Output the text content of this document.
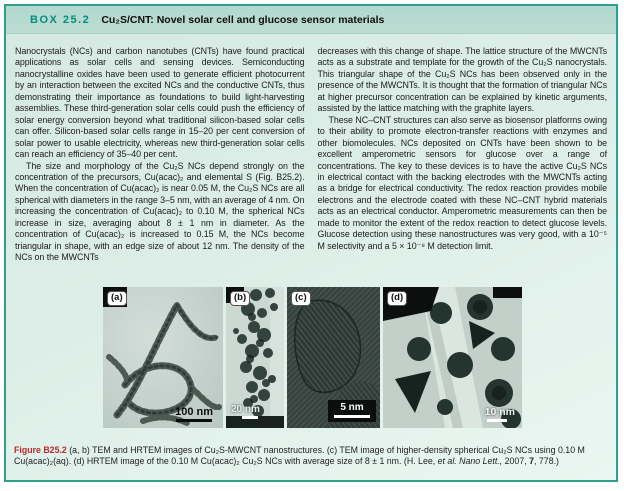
BOX 25.2 Cu₂S/CNT: Novel solar cell and glucose sensor materials

Nanocrystals (NCs) and carbon nanotubes (CNTs) have found practical applications as solar cells and sensing devices. Semiconducting nanocrystalline oxides have been used to generate efficient photocurrent by an interaction between the excited NCs and the conductive CNTs, thus demonstrating their importance as foundations to build light-harvesting assemblies. These third-generation solar cells could push the efficiency of solar energy conversion beyond what traditional silicon-based solar cells can offer. Silicon-based solar cells range in 15–20 per cent conversion of solar power to usable electricity, whereas new third-generation solar cells can reach an efficiency of 35–40 per cent.

The size and morphology of the Cu₂S NCs depend strongly on the concentration of the precursors, Cu(acac)₂ and elemental S (Fig. B25.2). When the concentration of Cu(acac)₂ is near 0.05 M, the Cu₂S NCs are all spherical with diameters in the range 3–5 nm, with an average of 4 nm. On increasing the concentration of Cu(acac)₂ to 0.10 M, the spherical NCs increase in size, averaging about 8 ± 1 nm in diameter. As the concentration of Cu(acac)₂ is increased to 0.15 M, the NCs become triangular in shape, with an edge size of about 12 nm. The density of the NCs on the MWCNTs

decreases with this change of shape. The lattice structure of the MWCNTs acts as a substrate and template for the growth of the Cu₂S nanocrystals. This triangular shape of the Cu₂S NCs has been observed only in the presence of the MWCNTs. It is thought that the formation of triangular NCs at higher precursor concentration can be explained by kinetic arguments, assisted by the lattice matching with the graphite layers.

These NC–CNT structures can also serve as biosensor platforms owing to their ability to promote electron-transfer reactions with enzymes and other biomolecules. NCs deposited on CNTs have been shown to be excellent amperometric sensors for glucose over a range of concentrations. The key to these devices is to have the active Cu₂S NCs in electrical contact with the backing electrodes with the MWCNTs acting as a bridge for electrical conductivity. The redox reaction provides mobile electrons and the electrode coated with these NC–CNT hybrid materials acts as an electrical conductor. Amperometric measurements can then be made to monitor the extent of the redox reaction to detect glucose levels. Glucose detection using these nanostructures was very good, with a 10⁻⁵ M selectivity and a 5 × 10⁻⁸ M detection limit.

(a)
100 nm
(b)
20 nm
(c)
5 nm
(d)
10 nm

Figure B25.2 (a, b) TEM and HRTEM images of Cu₂S-MWCNT nanostructures. (c) TEM image of higher-density spherical Cu₂S NCs using 0.10 M Cu(acac)₂(aq). (d) HRTEM image of the 0.10 M Cu(acac)₂ Cu₂S NCs with average size of 8 ± 1 nm. (H. Lee, et al. Nano Lett., 2007, 7, 778.)
